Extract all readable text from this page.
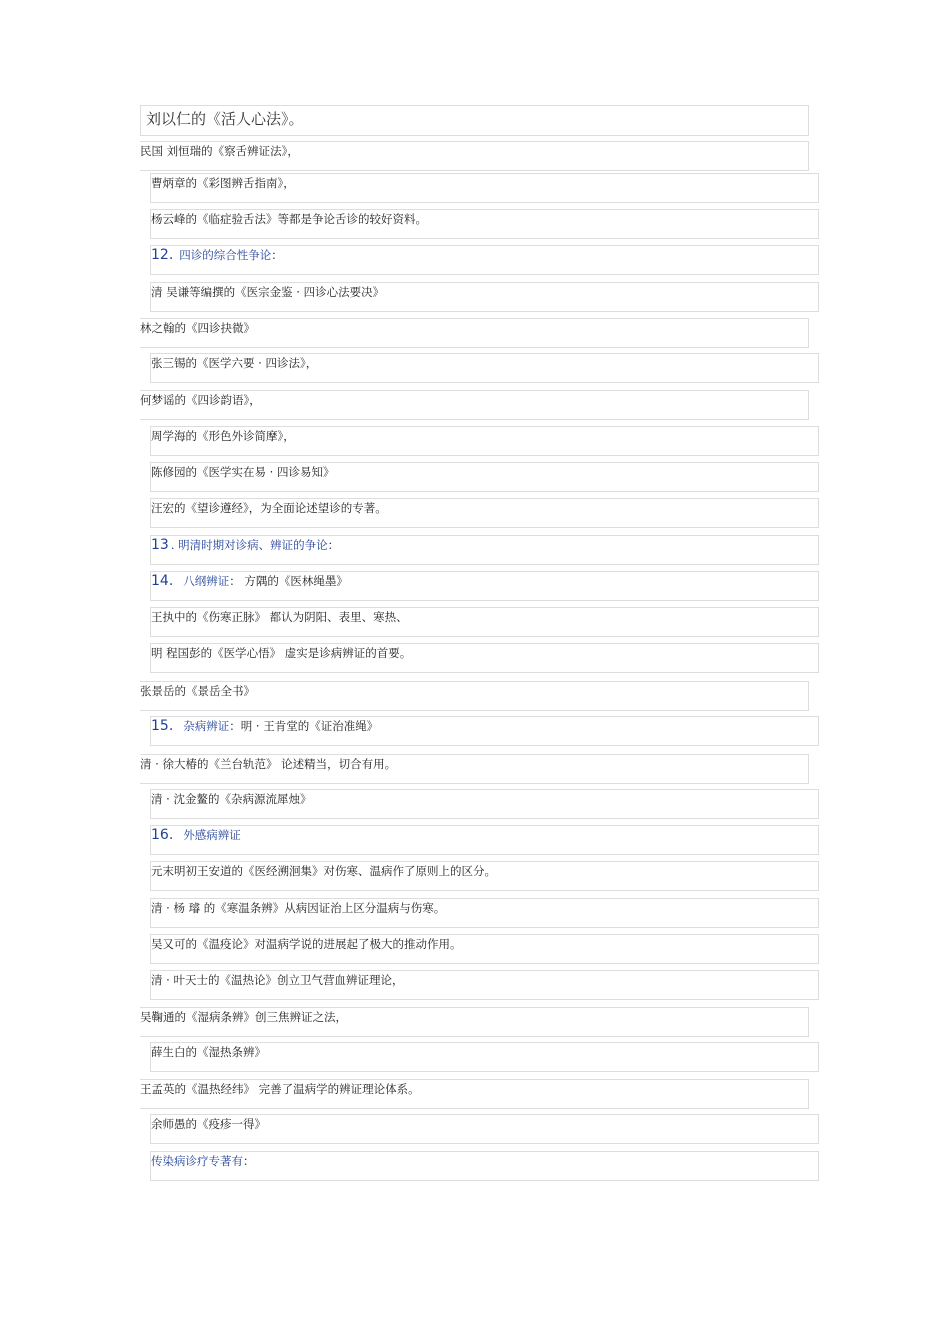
刘以仁的《活人心法》。
民国 刘恒瑞的《察舌辨证法》，
曹炳章的《彩图辨舌指南》，
杨云峰的《临症验舌法》等都是争论舌诊的较好资料。
12. 四诊的综合性争论：
清 吴谦等编撰的《医宗金鉴 · 四诊心法要决》
林之翰的《四诊抉微》
张三锡的《医学六要 · 四诊法》，
何梦谣的《四诊韵语》，
周学海的《形色外诊简摩》，
陈修园的《医学实在易 · 四诊易知》
汪宏的《望诊遵经》，为全面论述望诊的专著。
13 . 明清时期对诊病、辨证的争论：
14. 八纲辨证： 方隅的《医林绳墨》
王执中的《伤寒正脉》 都认为阴阳、表里、寒热、
明 程国彭的《医学心悟》 虚实是诊病辨证的首要。
张景岳的《景岳全书》
15. 杂病辨证：明 · 王肯堂的《证治准绳》
清 · 徐大椿的《兰台轨范》 论述精当，切合有用。
清 · 沈金鳌的《杂病源流犀烛》
16. 外感病辨证
元末明初王安道的《医经溯洄集》对伤寒、温病作了原则上的区分。
清 · 杨 璿 的《寒温条辨》从病因证治上区分温病与伤寒。
吴又可的《温疫论》对温病学说的进展起了极大的推动作用。
清 · 叶天士的《温热论》创立卫气营血辨证理论，
吴鞠通的《湿病条辨》创三焦辨证之法，
薛生白的《湿热条辨》
王孟英的《温热经纬》 完善了温病学的辨证理论体系。
余师愚的《疫疹一得》
传染病诊疗专著有：
